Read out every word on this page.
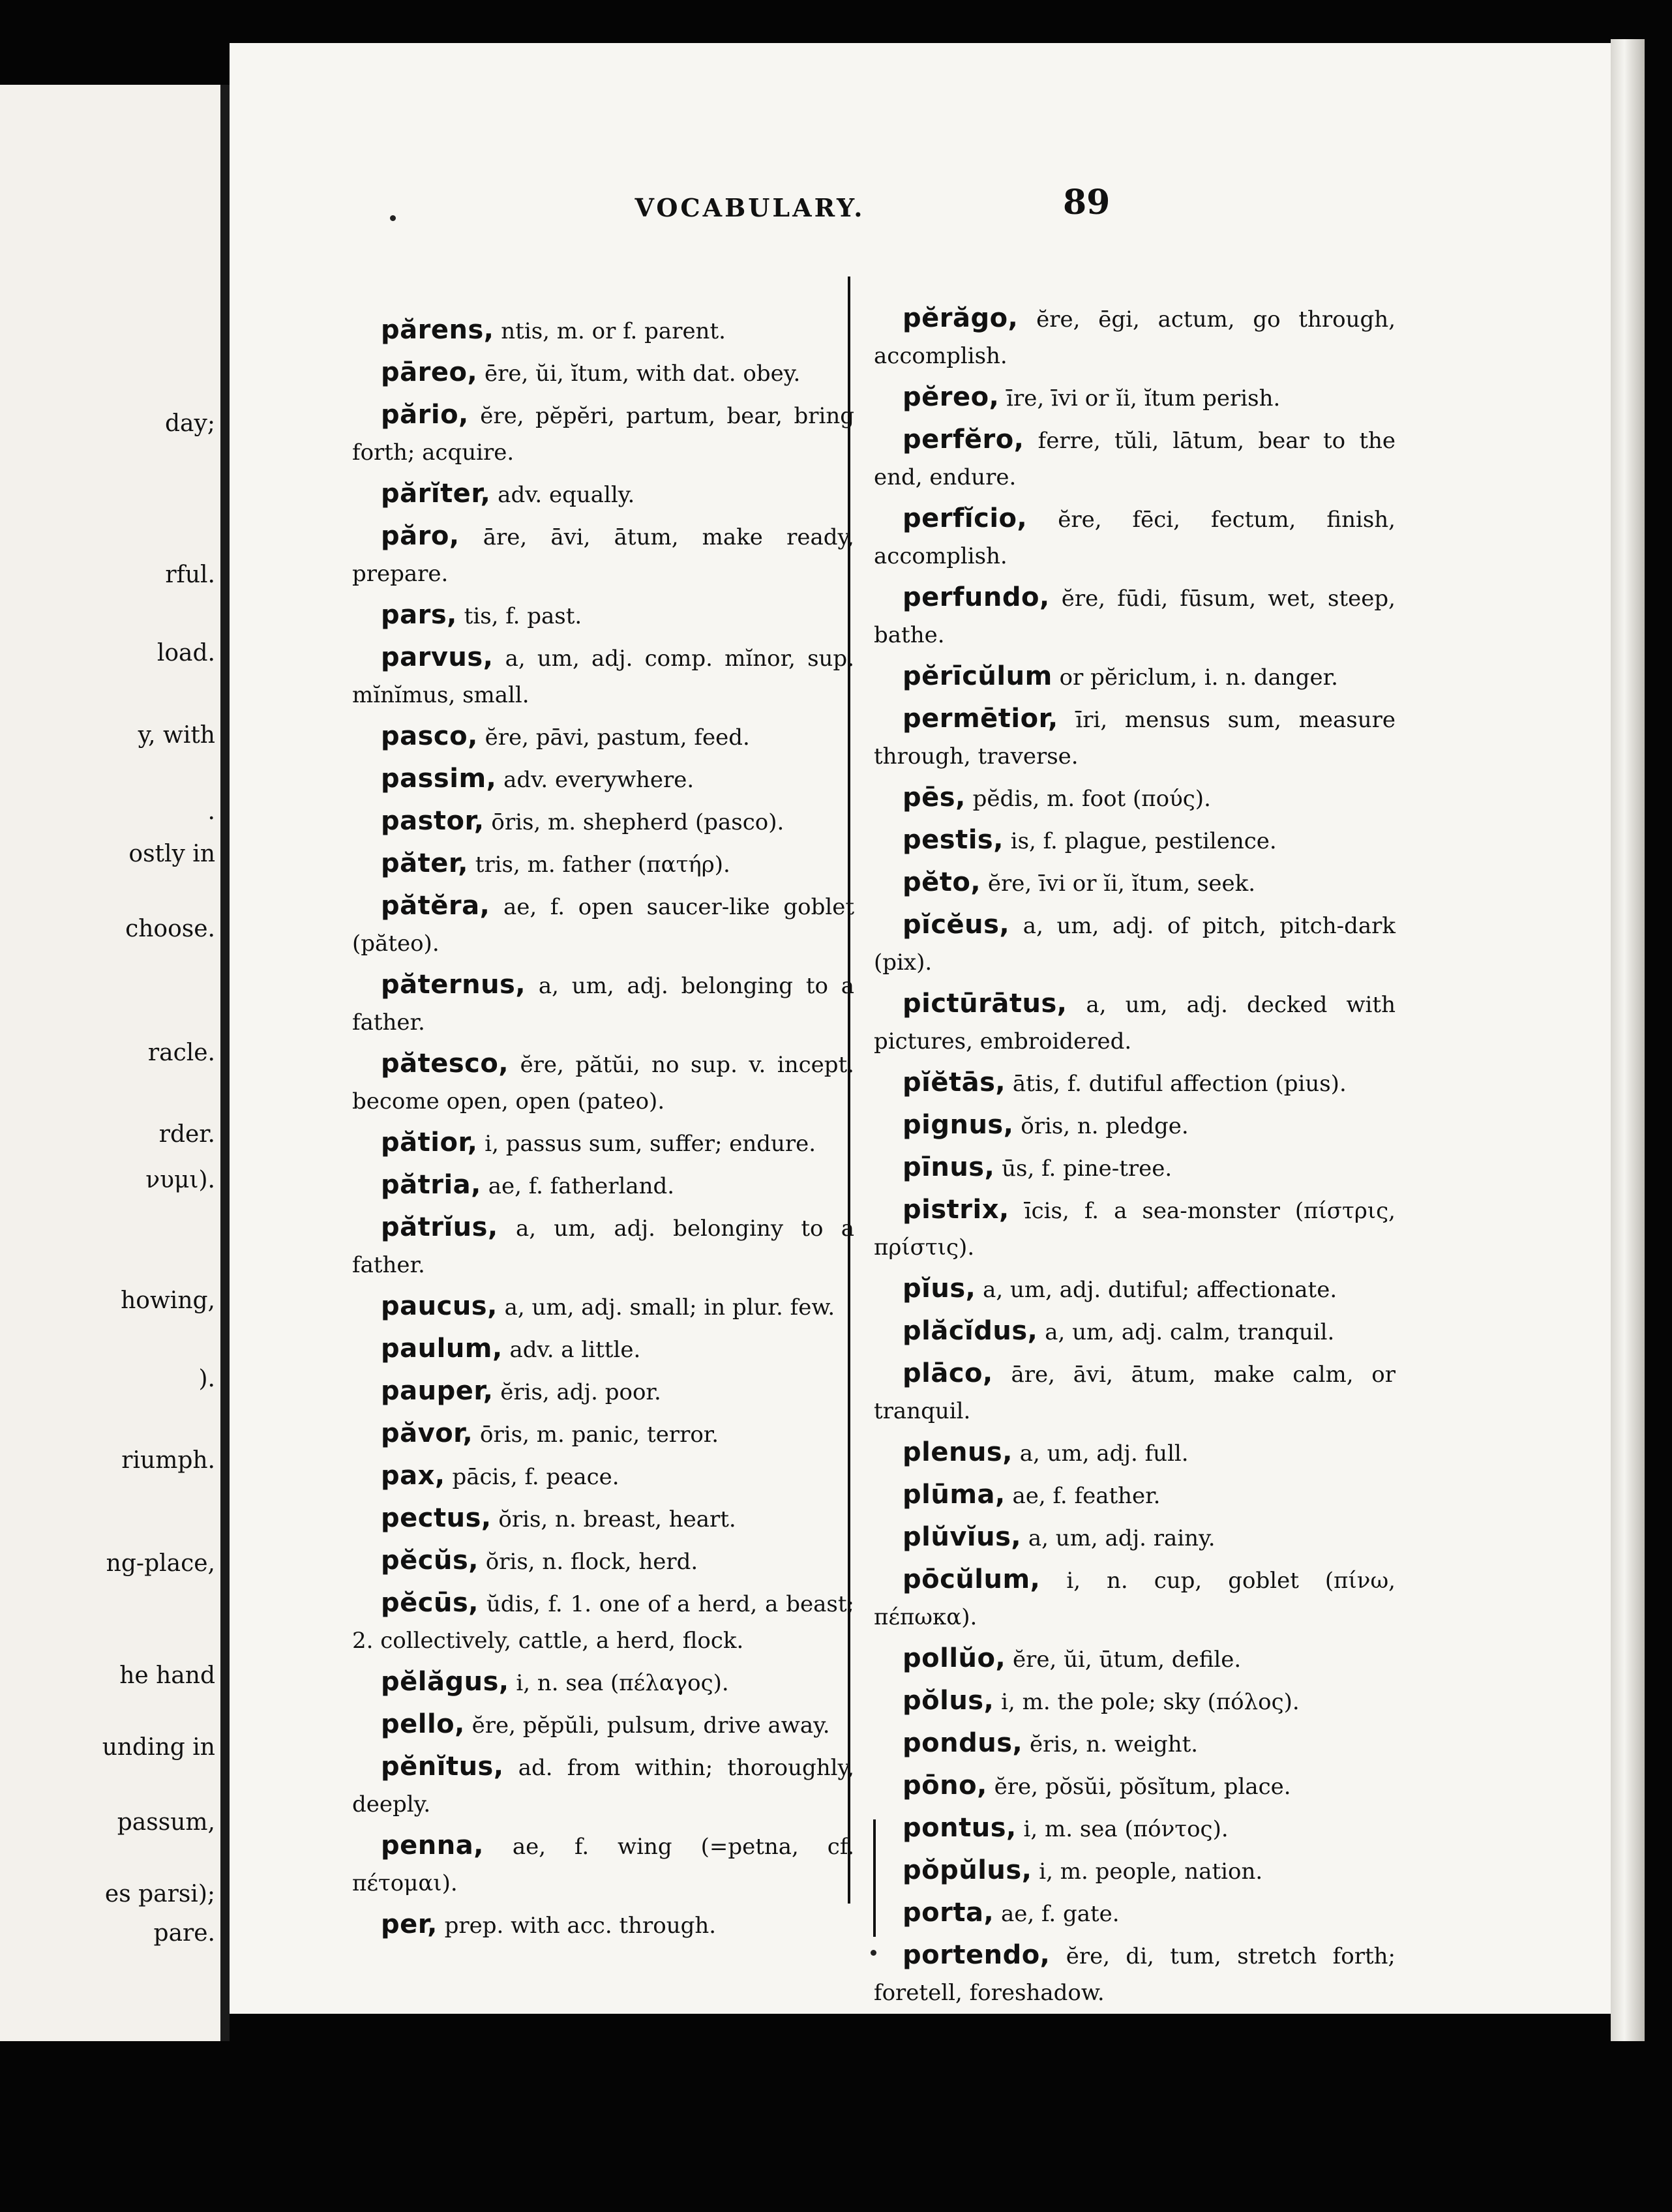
day;
rful.
load.
y, with
.
ostly in
choose.
racle.
rder.
νυμι).
howing,
).
riumph.
ng-place,
he hand
unding in
passum,
es parsi);
pare.
VOCABULARY.	89

părens, ntis, m. or f. parent.

pāreo, ēre, ŭi, ĭtum, with dat. obey.

părio, ĕre, pĕpĕri, partum, bear, bring forth; acquire.

părĭter, adv. equally.

păro, āre, āvi, ātum, make ready, prepare.

pars, tis, f. past.

parvus, a, um, adj. comp. mĭnor, sup. mĭnĭmus, small.

pasco, ĕre, pāvi, pastum, feed.

passim, adv. everywhere.

pastor, ōris, m. shepherd (pasco).

păter, tris, m. father (πατήρ).

pătĕra, ae, f. open saucer-like goblet (păteo).

păternus, a, um, adj. belonging to a father.

pătesco, ĕre, pătŭi, no sup. v. incept. become open, open (pateo).

pătior, i, passus sum, suffer; endure.

pătria, ae, f. fatherland.

pătrĭus, a, um, adj. belonginy to a father.

paucus, a, um, adj. small; in plur. few.

paulum, adv. a little.

pauper, ĕris, adj. poor.

păvor, ōris, m. panic, terror.

pax, pācis, f. peace.

pectus, ŏris, n. breast, heart.

pĕcŭs, ŏris, n. flock, herd.

pĕcūs, ŭdis, f. 1. one of a herd, a beast; 2. collectively, cattle, a herd, flock.

pĕlăgus, i, n. sea (πέλαγος).

pello, ĕre, pĕpŭli, pulsum, drive away.

pĕnĭtus, ad. from within; thoroughly, deeply.

penna, ae, f. wing (=petna, cf. πέτομαι).

per, prep. with acc. through.

pĕrăgo, ĕre, ēgi, actum, go through, accomplish.

pĕreo, īre, īvi or ĭi, ĭtum perish.

perfĕro, ferre, tŭli, lātum, bear to the end, endure.

perfĭcio, ĕre, fēci, fectum, finish, accomplish.

perfundo, ĕre, fūdi, fūsum, wet, steep, bathe.

pĕrīcŭlum or pĕriclum, i. n. danger.

permētior, īri, mensus sum, measure through, traverse.

pēs, pĕdis, m. foot (πούς).

pestis, is, f. plague, pestilence.

pĕto, ĕre, īvi or ĭi, ĭtum, seek.

pĭcĕus, a, um, adj. of pitch, pitch-dark (pix).

pictūrātus, a, um, adj. decked with pictures, embroidered.

pĭĕtās, ātis, f. dutiful affection (pius).

pignus, ŏris, n. pledge.

pīnus, ūs, f. pine-tree.

pistrix, īcis, f. a sea-monster (πίστρις, πρίστις).

pĭus, a, um, adj. dutiful; affectionate.

plăcĭdus, a, um, adj. calm, tranquil.

plāco, āre, āvi, ātum, make calm, or tranquil.

plenus, a, um, adj. full.

plūma, ae, f. feather.

plŭvĭus, a, um, adj. rainy.

pōcŭlum, i, n. cup, goblet (πίνω, πέπωκα).

pollŭo, ĕre, ŭi, ūtum, defile.

pŏlus, i, m. the pole; sky (πόλος).

pondus, ĕris, n. weight.

pōno, ĕre, pŏsŭi, pŏsĭtum, place.

pontus, i, m. sea (πόντος).

pŏpŭlus, i, m. people, nation.

porta, ae, f. gate.

portendo, ĕre, di, tum, stretch forth; foretell, foreshadow.
